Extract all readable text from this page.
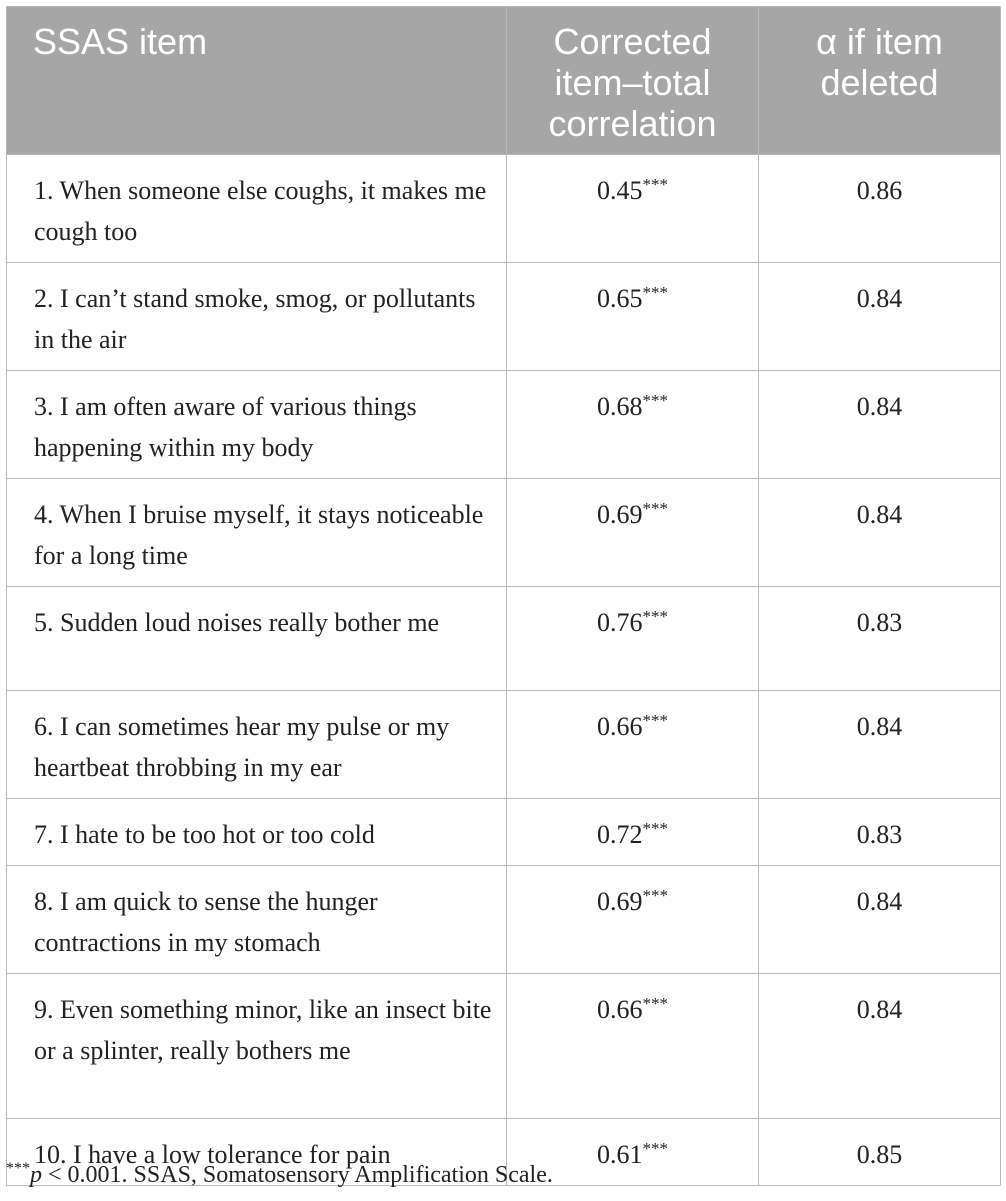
SSAS item	Corrected item–total correlation	α if item deleted
1. When someone else coughs, it makes me cough too	0.45***	0.86
2. I can’t stand smoke, smog, or pollutants in the air	0.65***	0.84
3. I am often aware of various things happening within my body	0.68***	0.84
4. When I bruise myself, it stays noticeable for a long time	0.69***	0.84
5. Sudden loud noises really bother me	0.76***	0.83
6. I can sometimes hear my pulse or my heartbeat throbbing in my ear	0.66***	0.84
7. I hate to be too hot or too cold	0.72***	0.83
8. I am quick to sense the hunger contractions in my stomach	0.69***	0.84
9. Even something minor, like an insect bite or a splinter, really bothers me	0.66***	0.84
10. I have a low tolerance for pain	0.61***	0.85
***p < 0.001. SSAS, Somatosensory Amplification Scale.
